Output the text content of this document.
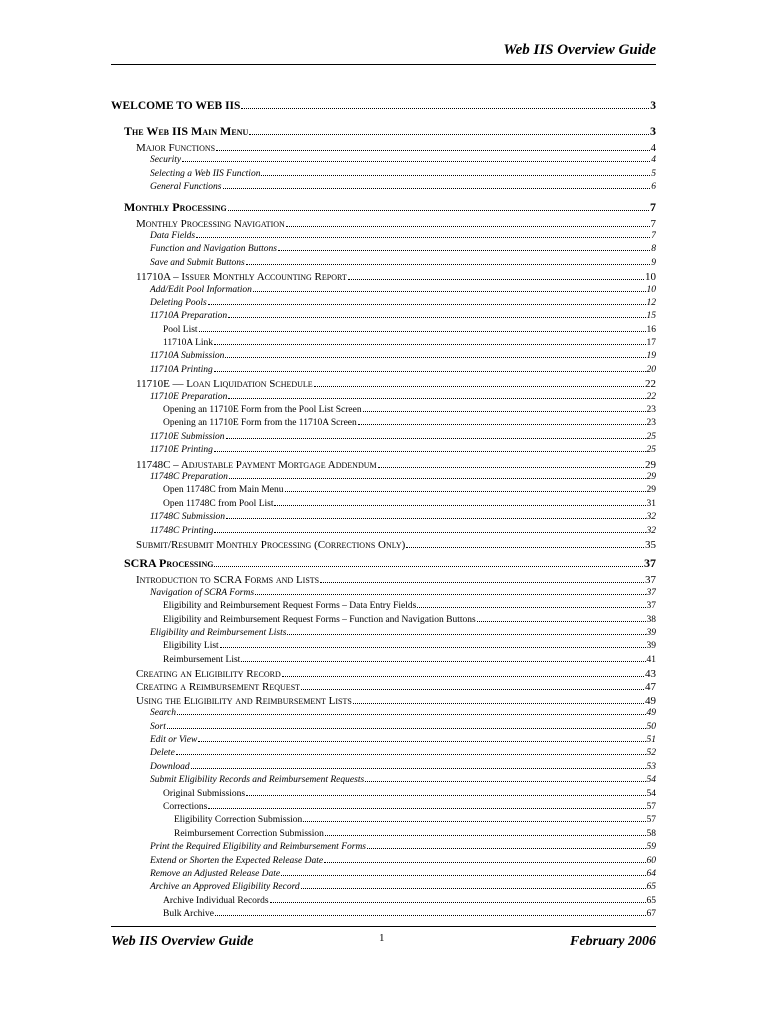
Web IIS Overview Guide
WELCOME TO WEB IIS	3
The Web IIS Main Menu	3
Major Functions	4
Security	4
Selecting a Web IIS Function	5
General Functions	6
Monthly Processing	7
Monthly Processing Navigation	7
Data Fields	7
Function and Navigation Buttons	8
Save and Submit Buttons	9
11710A – Issuer Monthly Accounting Report	10
Add/Edit Pool Information	10
Deleting Pools	12
11710A Preparation	15
Pool List	16
11710A Link	17
11710A Submission	19
11710A Printing	20
11710E — Loan Liquidation Schedule	22
11710E Preparation	22
Opening an 11710E Form from the Pool List Screen	23
Opening an 11710E Form from the 11710A Screen	23
11710E Submission	25
11710E Printing	25
11748C – Adjustable Payment Mortgage Addendum	29
11748C Preparation	29
Open 11748C from Main Menu	29
Open 11748C from Pool List	31
11748C Submission	32
11748C Printing	32
Submit/Resubmit Monthly Processing (Corrections Only)	35
SCRA Processing	37
Introduction to SCRA Forms and Lists	37
Navigation of SCRA Forms	37
Eligibility and Reimbursement Request Forms – Data Entry Fields	37
Eligibility and Reimbursement Request Forms – Function and Navigation Buttons	38
Eligibility and Reimbursement Lists	39
Eligibility List	39
Reimbursement List	41
Creating an Eligibility Record	43
Creating a Reimbursement Request	47
Using the Eligibility and Reimbursement Lists	49
Search	49
Sort	50
Edit or View	51
Delete	52
Download	53
Submit Eligibility Records and Reimbursement Requests	54
Original Submissions	54
Corrections	57
Eligibility Correction Submission	57
Reimbursement Correction Submission	58
Print the Required Eligibility and Reimbursement Forms	59
Extend or Shorten the Expected Release Date	60
Remove an Adjusted Release Date	64
Archive an Approved Eligibility Record	65
Archive Individual Records	65
Bulk Archive	67
Web IIS Overview Guide	1	February 2006
